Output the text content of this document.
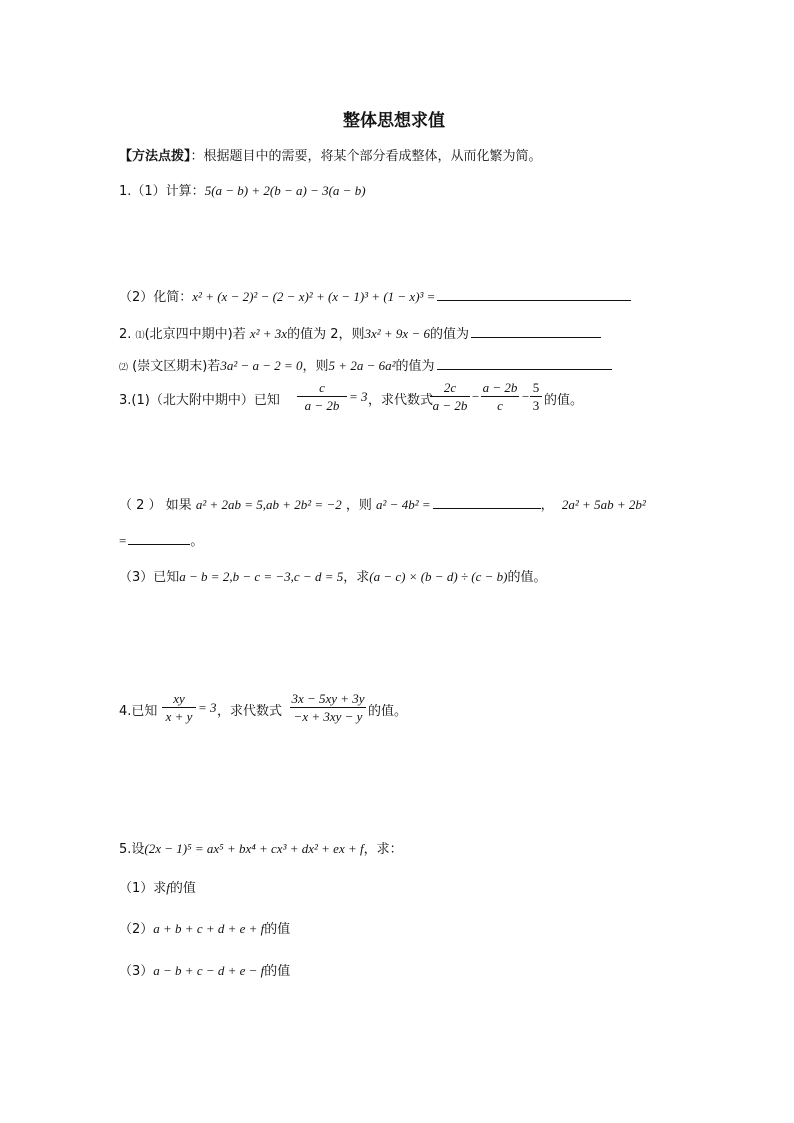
整体思想求值
【方法点拨】：根据题目中的需要，将某个部分看成整体，从而化繁为简。
1.（1）计算：5(a − b) + 2(b − a) − 3(a − b)
（2）化简：x² + (x − 2)² − (2 − x)² + (x − 1)³ + (1 − x)³ =
2. ⑴(北京四中期中)若 x² + 3x的值为 2，则3x² + 9x − 6的值为
⑵ (崇文区期末)若3a² − a − 2 = 0，则5 + 2a − 6a²的值为
3.(1)（北大附中期中）已知
c
a − 2b
= 3 ，求代数式
2c
a − 2b
−
a − 2b
c
−
5
3 的值。
（ 2 ） 如果 a² + 2ab = 5,ab + 2b² = −2 ，则 a² − 4b² =	， 2a² + 5ab + 2b²
=	。
（3）已知a − b = 2,b − c = −3,c − d = 5，求(a − c) × (b − d) ÷ (c − b)的值。
4.已知
xy
x + y
= 3 ，求代数式
3x − 5xy + 3y
−x + 3xy − y 的值。
5.设(2x − 1)⁵ = ax⁵ + bx⁴ + cx³ + dx² + ex + f，求：
（1）求f的值
（2）a + b + c + d + e + f的值
（3）a − b + c − d + e − f的值
